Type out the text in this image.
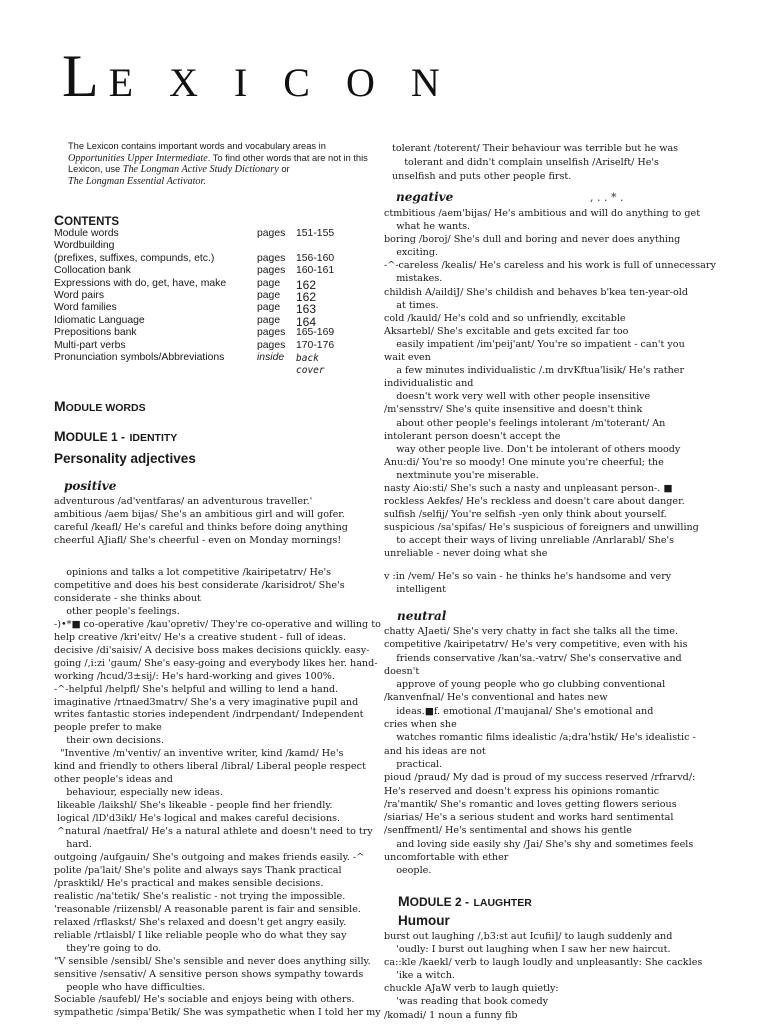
LE X I C O N
The Lexicon contains important words and vocabulary areas in
Opportunities Upper Intermediate. To find other words that are not in this Lexicon, use The Longman Active Study Dictionary or
The Longman Essential Activator.
CONTENTS
Module words	pages 151-155
Wordbuilding
(prefixes, suffixes, compunds, etc.)	pages 156-160
Collocation bank	pages 160-161
Expressions with do, get, have, make	page 162
Word pairs	page 162
Word families	page 163
Idiomatic Language	page 164
Prepositions bank	pages 165-169
Multi-part verbs	pages 170-176
Pronunciation symbols/Abbreviations	inside back
cover
MODULE WORDS
MODULE 1 - IDENTITY
Personality adjectives
positive
adventurous /ad'ventfaras/ an adventurous traveller.'
ambitious /aem bijas/ She's an ambitious girl and will gofer.
careful /keafl/ He's careful and thinks before doing anything
cheerful AJiafl/ She's cheerful - even on Monday mornings!
opinions and talks a lot competitive /kairipetatrv/ He's
competitive and does his best considerate /karisidrot/ She's
considerate - she thinks about
other people's feelings.
-)•*■ co-operative /kau'opretiv/ They're co-operative and willing to
help creative /kri'eitv/ He's a creative student - full of ideas.
decisive /di'saisiv/ A decisive boss makes decisions quickly. easy-
going /,i:zi 'gaum/ She's easy-going and everybody likes her. hand-
working /hcud/3±sij/: He's hard-working and gives 100%.
-^-helpful /helpfl/ She's helpful and willing to lend a hand.
imaginative /rtnaed3matrv/ She's a very imaginative pupil and
writes fantastic stories independent /indrpendant/ Independent
people prefer to make
their own decisions.
"Inventive /m'ventiv/ an inventive writer, kind /kamd/ He's
kind and friendly to others liberal /libral/ Liberal people respect
other people's ideas and
behaviour, especially new ideas.
likeable /laikshl/ She's likeable - people find her friendly.
logical /lD'd3ikl/ He's logical and makes careful decisions.
^natural /naetfral/ He's a natural athlete and doesn't need to try
hard.
outgoing /aufgauin/ She's outgoing and makes friends easily. -^
polite /pa'lait/ She's polite and always says Thank practical
/prasktikl/ He's practical and makes sensible decisions.
realistic /na'tetik/ She's realistic - not trying the impossible.
'reasonable /riizensbl/ A reasonable parent is fair and sensible.
relaxed /rflaskst/ She's relaxed and doesn't get angry easily.
reliable /rtlaisbl/ I like reliable people who do what they say
they're going to do.
"V sensible /sensibl/ She's sensible and never does anything silly.
sensitive /sensativ/ A sensitive person shows sympathy towards
people who have difficulties.
Sociable /saufebl/ He's sociable and enjoys being with others.
sympathetic /simpa'Betik/ She was sympathetic when I told her my
tolerant /toterent/ Their behaviour was terrible but he was
tolerant and didn't complain unselfish /Ariselft/ He's
unselfish and puts other people first.
negative	, . . * .
ctmbitious /aem'bijas/ He's ambitious and will do anything to get
what he wants.
boring /boroj/ She's dull and boring and never does anything
exciting.
-^-careless /kealis/ He's careless and his work is full of unnecessary
mistakes.
childish A/aildiJ/ She's childish and behaves b'kea ten-year-old
at times.
cold /kauld/ He's cold and so unfriendly, excitable
Aksartebl/ She's excitable and gets excited far too
easily impatient /im'peij'ant/ You're so impatient - can't you
wait even
a few minutes individualistic /.m drvKftua'lisik/ He's rather
individualistic and
doesn't work very well with other people insensitive
/m'sensstrv/ She's quite insensitive and doesn't think
about other people's feelings intolerant /m'toterant/ An
intolerant person doesn't accept the
way other people live. Don't be intolerant of others moody
Anu:di/ You're so moody! One minute you're cheerful; the
nextminute you're miserable.
nasty Aio:sti/ She's such a nasty and unpleasant person-. ■
rockless Aekfes/ He's reckless and doesn't care about danger.
sulfish /selfij/ You're selfish -yen only think about yourself.
suspicious /sa'spifas/ He's suspicious of foreigners and unwilling
to accept their ways of living unreliable /Anrlarabl/ She's
unreliable - never doing what she
v :in /vem/ He's so vain - he thinks he's handsome and very
intelligent
neutral
chatty AJaeti/ She's very chatty in fact she talks all the time.
competitive /kairipetatrv/ He's very competitive, even with his
friends conservative /kan'sa.-vatrv/ She's conservative and
doesn't
approve of young people who go clubbing conventional
/kanvenfnal/ He's conventional and hates new
ideas.■f. emotional /I'maujanal/ She's emotional and
cries when she
watches romantic films idealistic /a;dra'hstik/ He's idealistic -
and his ideas are not
practical.
pioud /praud/ My dad is proud of my success reserved /rfrarvd/:
He's reserved and doesn't express his opinions romantic
/ra'mantik/ She's romantic and loves getting flowers serious
/siarias/ He's a serious student and works hard sentimental
/senffmentl/ He's sentimental and shows his gentle
and loving side easily shy /Jai/ She's shy and sometimes feels
uncomfortable with ether
oeople.
MODULE 2 - LAUGHTER
Humour
burst out laughing /,b3:st aut Icufii]/ to laugh suddenly and
'oudly: I burst out laughing when I saw her new haircut.
ca::kle /kaekl/ verb to laugh loudly and unpleasantly: She cackles
'ike a witch.
chuckle AJaW verb to laugh quietly:
'was reading that book comedy
/komadi/ 1 noun a funny fib
